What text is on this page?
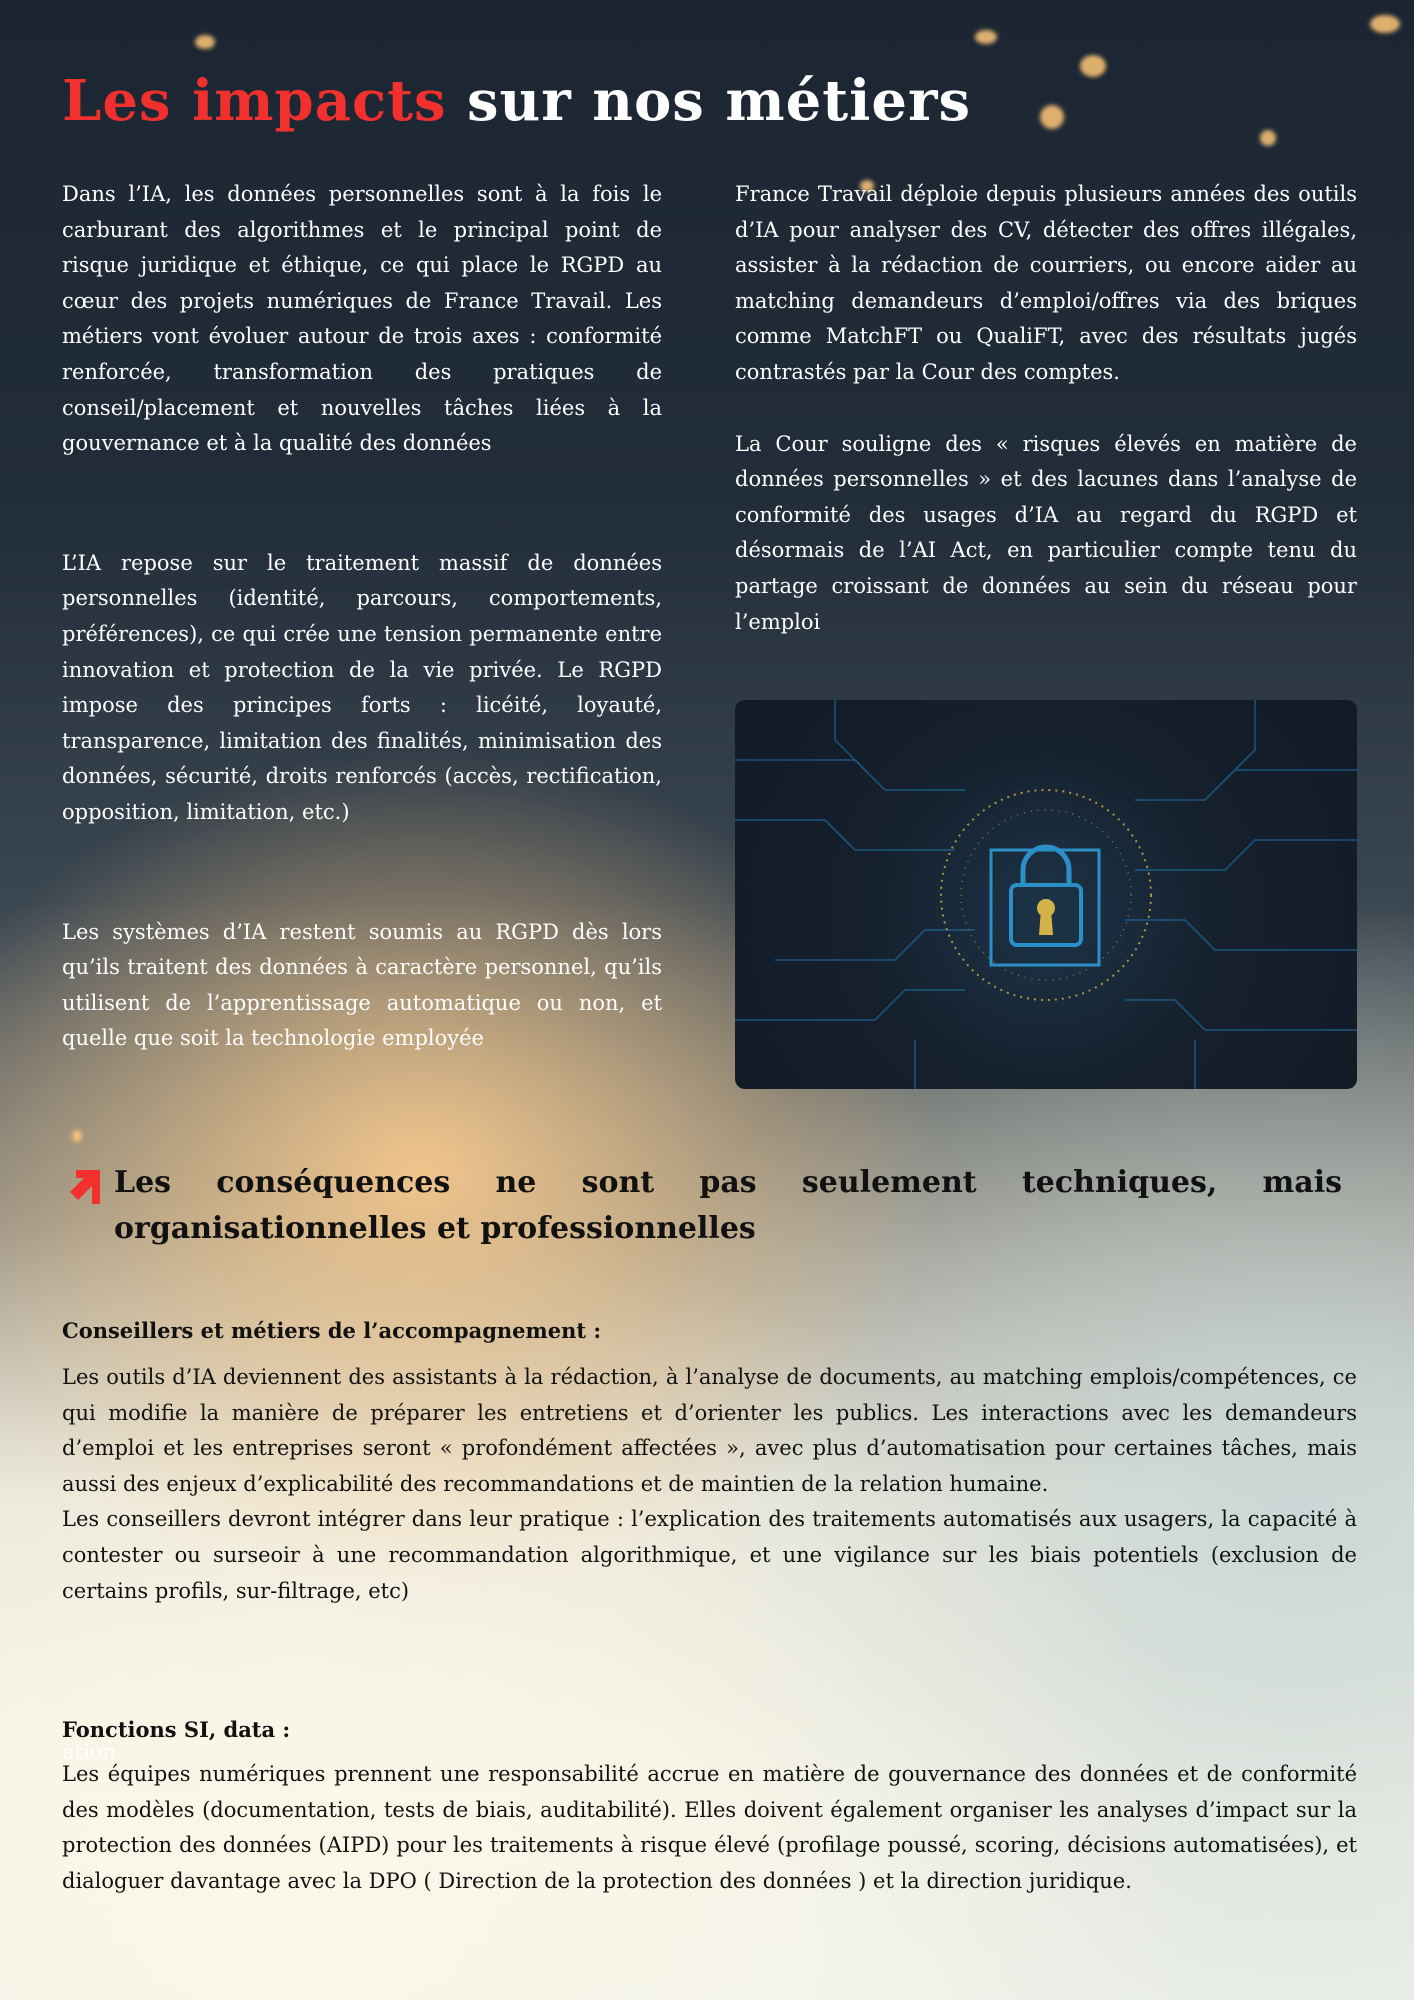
Les impacts sur nos métiers

Dans l’IA, les données personnelles sont à la fois le carburant des algorithmes et le principal point de risque juridique et éthique, ce qui place le RGPD au cœur des projets numériques de France Travail. Les métiers vont évoluer autour de trois axes : conformité renforcée, transformation des pratiques de conseil/placement et nouvelles tâches liées à la gouvernance et à la qualité des données

L’IA repose sur le traitement massif de données personnelles (identité, parcours, comportements, préférences), ce qui crée une tension permanente entre innovation et protection de la vie privée. Le RGPD impose des principes forts : licéité, loyauté, transparence, limitation des finalités, minimisation des données, sécurité, droits renforcés (accès, rectification, opposition, limitation, etc.)

Les systèmes d’IA restent soumis au RGPD dès lors qu’ils traitent des données à caractère personnel, qu’ils utilisent de l’apprentissage automatique ou non, et quelle que soit la technologie employée

France Travail déploie depuis plusieurs années des outils d’IA pour analyser des CV, détecter des offres illégales, assister à la rédaction de courriers, ou encore aider au matching demandeurs d’emploi/offres via des briques comme MatchFT ou QualiFT, avec des résultats jugés contrastés par la Cour des comptes.

La Cour souligne des « risques élevés en matière de données personnelles » et des lacunes dans l’analyse de conformité des usages d’IA au regard du RGPD et désormais de l’AI Act, en particulier compte tenu du partage croissant de données au sein du réseau pour l’emploi

Les conséquences ne sont pas seulement techniques, mais organisationnelles et professionnelles
Conseillers et métiers de l’accompagnement :
Les outils d’IA deviennent des assistants à la rédaction, à l’analyse de documents, au matching emplois/compétences, ce qui modifie la manière de préparer les entretiens et d’orienter les publics. Les interactions avec les demandeurs d’emploi et les entreprises seront « profondément affectées », avec plus d’automatisation pour certaines tâches, mais aussi des enjeux d’explicabilité des recommandations et de maintien de la relation humaine.
Les conseillers devront intégrer dans leur pratique : l’explication des traitements automatisés aux usagers, la capacité à contester ou surseoir à une recommandation algorithmique, et une vigilance sur les biais potentiels (exclusion de certains profils, sur-filtrage, etc)
Fonctions SI, data :
ation
Les équipes numériques prennent une responsabilité accrue en matière de gouvernance des données et de conformité des modèles (documentation, tests de biais, auditabilité). Elles doivent également organiser les analyses d’impact sur la protection des données (AIPD) pour les traitements à risque élevé (profilage poussé, scoring, décisions automatisées), et dialoguer davantage avec la DPO ( Direction de la protection des données ) et la direction juridique.
